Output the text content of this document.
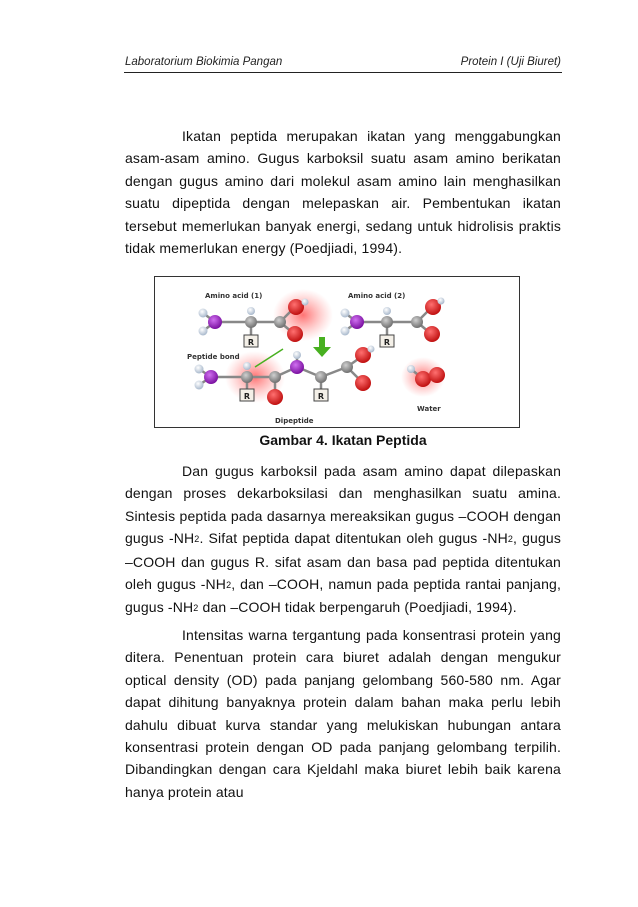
Laboratorium Biokimia Pangan	Protein I (Uji Biuret)
Ikatan peptida merupakan ikatan yang menggabungkan asam-asam amino. Gugus karboksil suatu asam amino berikatan dengan gugus amino dari molekul asam amino lain menghasilkan suatu dipeptida dengan melepaskan air. Pembentukan ikatan tersebut memerlukan banyak energi, sedang untuk hidrolisis praktis tidak memerlukan energy (Poedjiadi, 1994).
Amino acid (1)	Amino acid (2)
Peptide bond
Dipeptide
Water
R	R
R	R
Gambar 4. Ikatan Peptida
Dan gugus karboksil pada asam amino dapat dilepaskan dengan proses dekarboksilasi dan menghasilkan suatu amina. Sintesis peptida pada dasarnya mereaksikan gugus –COOH dengan gugus $-NH_2$. Sifat peptida dapat ditentukan oleh gugus $-NH_2$, gugus –COOH dan gugus R. sifat asam dan basa pad peptida ditentukan oleh gugus $-NH_2$, dan –COOH, namun pada peptida rantai panjang, gugus $-NH_2$ dan –COOH tidak berpengaruh (Poedjiadi, 1994).
Intensitas warna tergantung pada konsentrasi protein yang ditera. Penentuan protein cara biuret adalah dengan mengukur optical density (OD) pada panjang gelombang 560-580 nm. Agar dapat dihitung banyaknya protein dalam bahan maka perlu lebih dahulu dibuat kurva standar yang melukiskan hubungan antara konsentrasi protein dengan OD pada panjang gelombang terpilih. Dibandingkan dengan cara Kjeldahl maka biuret lebih baik karena hanya protein atau
